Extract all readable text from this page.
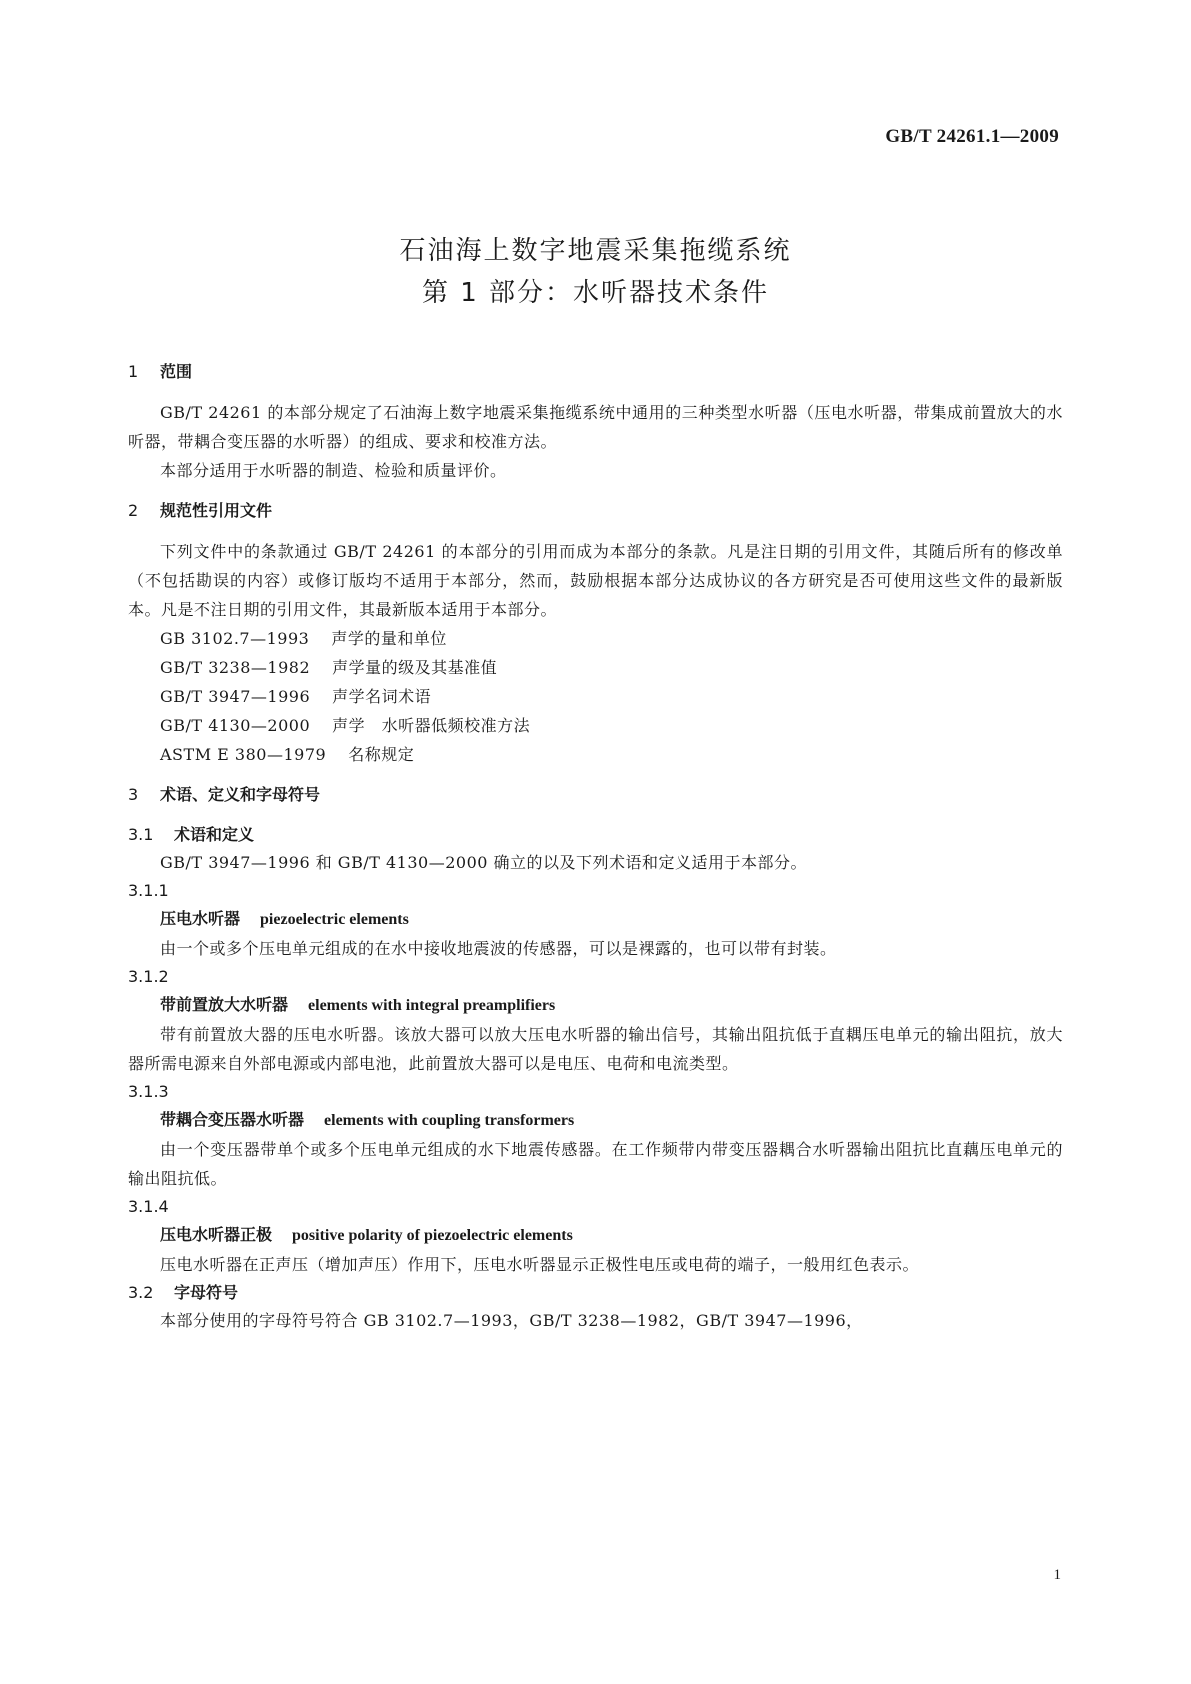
GB/T 24261.1—2009
石油海上数字地震采集拖缆系统
第 1 部分：水听器技术条件
1 范围

GB/T 24261 的本部分规定了石油海上数字地震采集拖缆系统中通用的三种类型水听器（压电水听器，带集成前置放大的水听器，带耦合变压器的水听器）的组成、要求和校准方法。

本部分适用于水听器的制造、检验和质量评价。

2 规范性引用文件

下列文件中的条款通过 GB/T 24261 的本部分的引用而成为本部分的条款。凡是注日期的引用文件，其随后所有的修改单（不包括勘误的内容）或修订版均不适用于本部分，然而，鼓励根据本部分达成协议的各方研究是否可使用这些文件的最新版本。凡是不注日期的引用文件，其最新版本适用于本部分。

GB 3102.7—1993 声学的量和单位
GB/T 3238—1982 声学量的级及其基准值
GB/T 3947—1996 声学名词术语
GB/T 4130—2000 声学　水听器低频校准方法
ASTM E 380—1979 名称规定
3 术语、定义和字母符号
3.1 术语和定义

GB/T 3947—1996 和 GB/T 4130—2000 确立的以及下列术语和定义适用于本部分。

3.1.1
压电水听器 piezoelectric elements

由一个或多个压电单元组成的在水中接收地震波的传感器，可以是裸露的，也可以带有封装。

3.1.2
带前置放大水听器 elements with integral preamplifiers

带有前置放大器的压电水听器。该放大器可以放大压电水听器的输出信号，其输出阻抗低于直耦压电单元的输出阻抗，放大器所需电源来自外部电源或内部电池，此前置放大器可以是电压、电荷和电流类型。

3.1.3
带耦合变压器水听器 elements with coupling transformers

由一个变压器带单个或多个压电单元组成的水下地震传感器。在工作频带内带变压器耦合水听器输出阻抗比直藕压电单元的输出阻抗低。

3.1.4
压电水听器正极 positive polarity of piezoelectric elements

压电水听器在正声压（增加声压）作用下，压电水听器显示正极性电压或电荷的端子，一般用红色表示。

3.2 字母符号

本部分使用的字母符号符合 GB 3102.7—1993，GB/T 3238—1982，GB/T 3947—1996，

1
